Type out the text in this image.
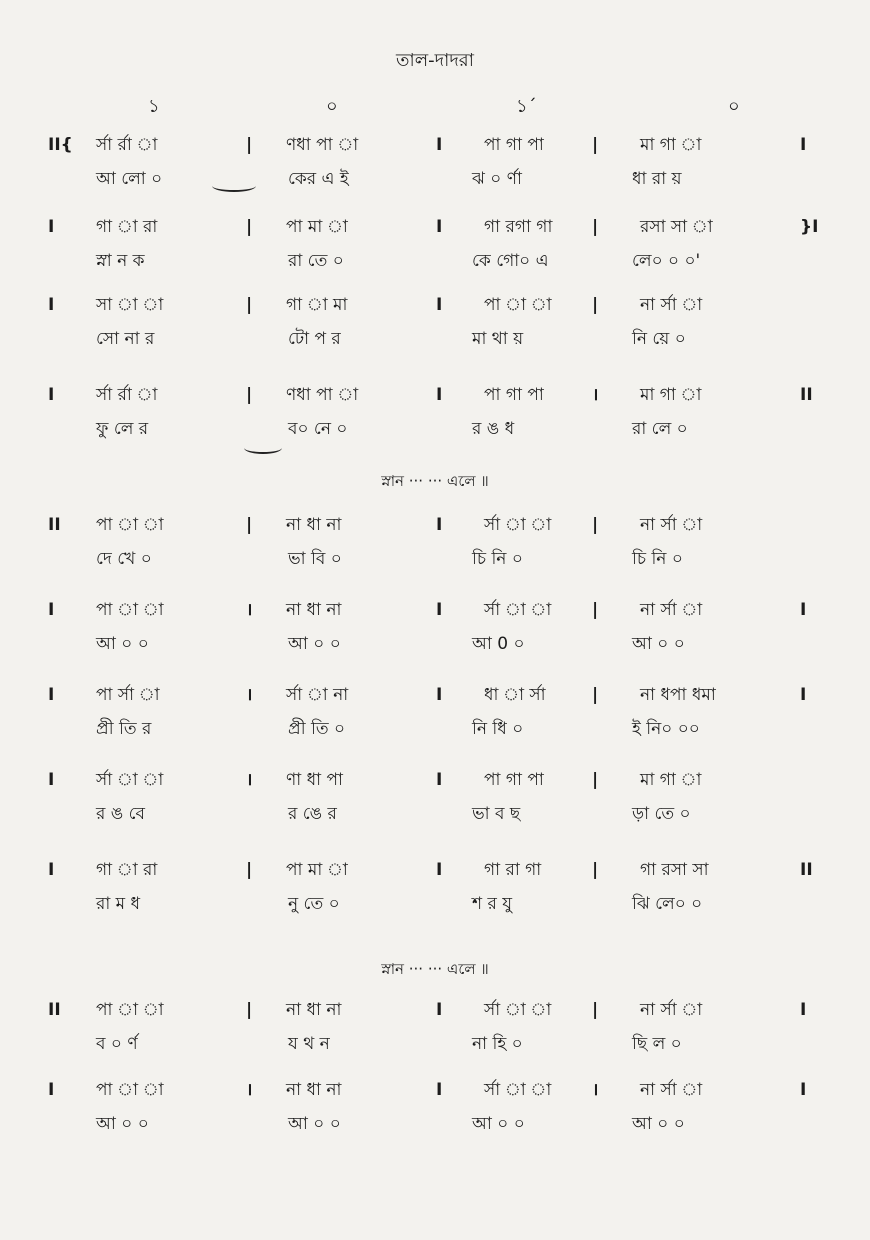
তাল-দাদরা
১	০	১´	০
II{ র্সা র্রা া	ণধা পা া	পা গা পা	মা গা া
|	I	|	I
আ লো ০	কের এ ই	ঝ ০ র্ণা	ধা রা য়
I গা া রা	পা মা া	গা রগা গা	রসা সা া
|	I	|	}I
স্না ন ক	রা তে ০	কে গো০ এ	লে০ ০ ০'
I সা া া	গা া মা	পা া া	না র্সা া
|	I	|
সো না র	টো প র	মা থা য়	নি য়ে ০
I র্সা র্রা া	ণধা পা া	পা গা পা	মা গা া
|	I	।	II
ফু লে র	ব০ নে ০	র ঙ ধ	রা লে ০
II পা া া	না ধা না	র্সা া া	না র্সা া
|	I	|
দে খে ০	ভা বি ০	চি নি ০	চি নি ০
I পা া া	না ধা না	র্সা া া	না র্সা া
।	I	|	I
আ ০ ০	আ ০ ০	আ 0 ০	আ ০ ০
I পা র্সা া	র্সা া না	ধা া র্সা	না ধপা ধমা
।	I	|	I
প্রী তি র	প্রী তি ০	নি ধি ০	ই নি০ ০০
I র্সা া া	ণা ধা পা	পা গা পা	মা গা া
।	I	|
র ঙ বে	র ঙে র	ভা ব ছ	ড়া তে ০
I গা া রা	পা মা া	গা রা গা	গা রসা সা
|	I	|	II
রা ম ধ	নু তে ০	শ র যু	ঝি লে০ ০
II পা া া	না ধা না	র্সা া া	না র্সা া
|	I	|	I
ব ০ র্ণ	য থ ন	না হি ০	ছি ল ০
I পা া া	না ধা না	র্সা া া	না র্সা া
।	I	।	I
আ ০ ০	আ ০ ০	আ ০ ০	আ ০ ০
স্নান ··· ··· এলে ॥
স্নান ··· ··· এলে ॥
